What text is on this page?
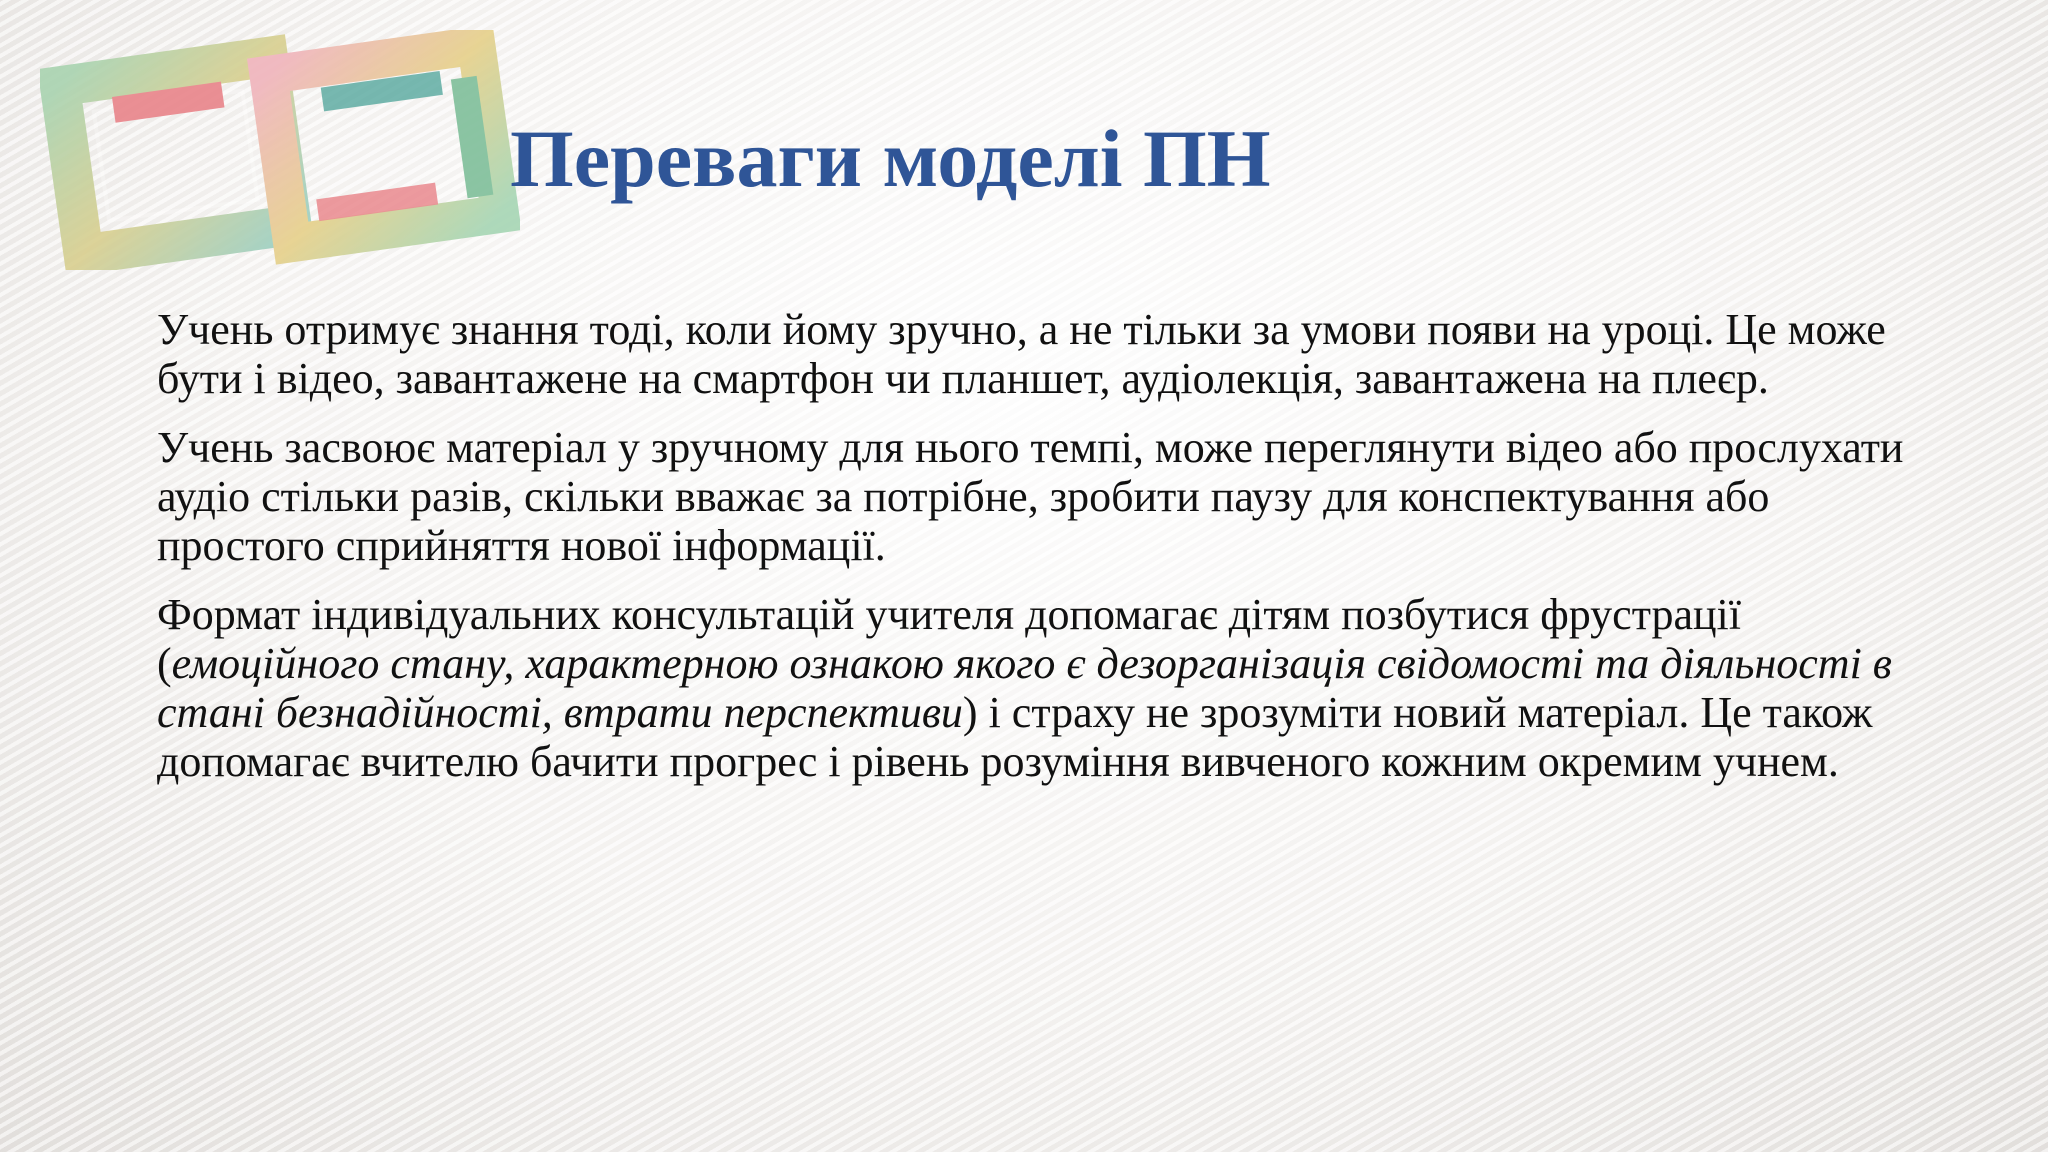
Переваги моделі ПН

Учень отримує знання тоді, коли йому зручно, а не тільки за умови появи на уроці. Це може бути і відео, завантажене на смартфон чи планшет, аудіолекція, завантажена на плеєр.

Учень засвоює матеріал у зручному для нього темпі, може переглянути відео або прослухати аудіо стільки разів, скільки вважає за потрібне, зробити паузу для конспектування або простого сприйняття нової інформації.

Формат індивідуальних консультацій учителя допомагає дітям позбутися фрустрації (емоційного стану, характерною ознакою якого є дезорганізація свідомості та діяльності в стані безнадійності, втрати перспективи) і страху не зрозуміти новий матеріал. Це також допомагає вчителю бачити прогрес і рівень розуміння вивченого кожним окремим учнем.
